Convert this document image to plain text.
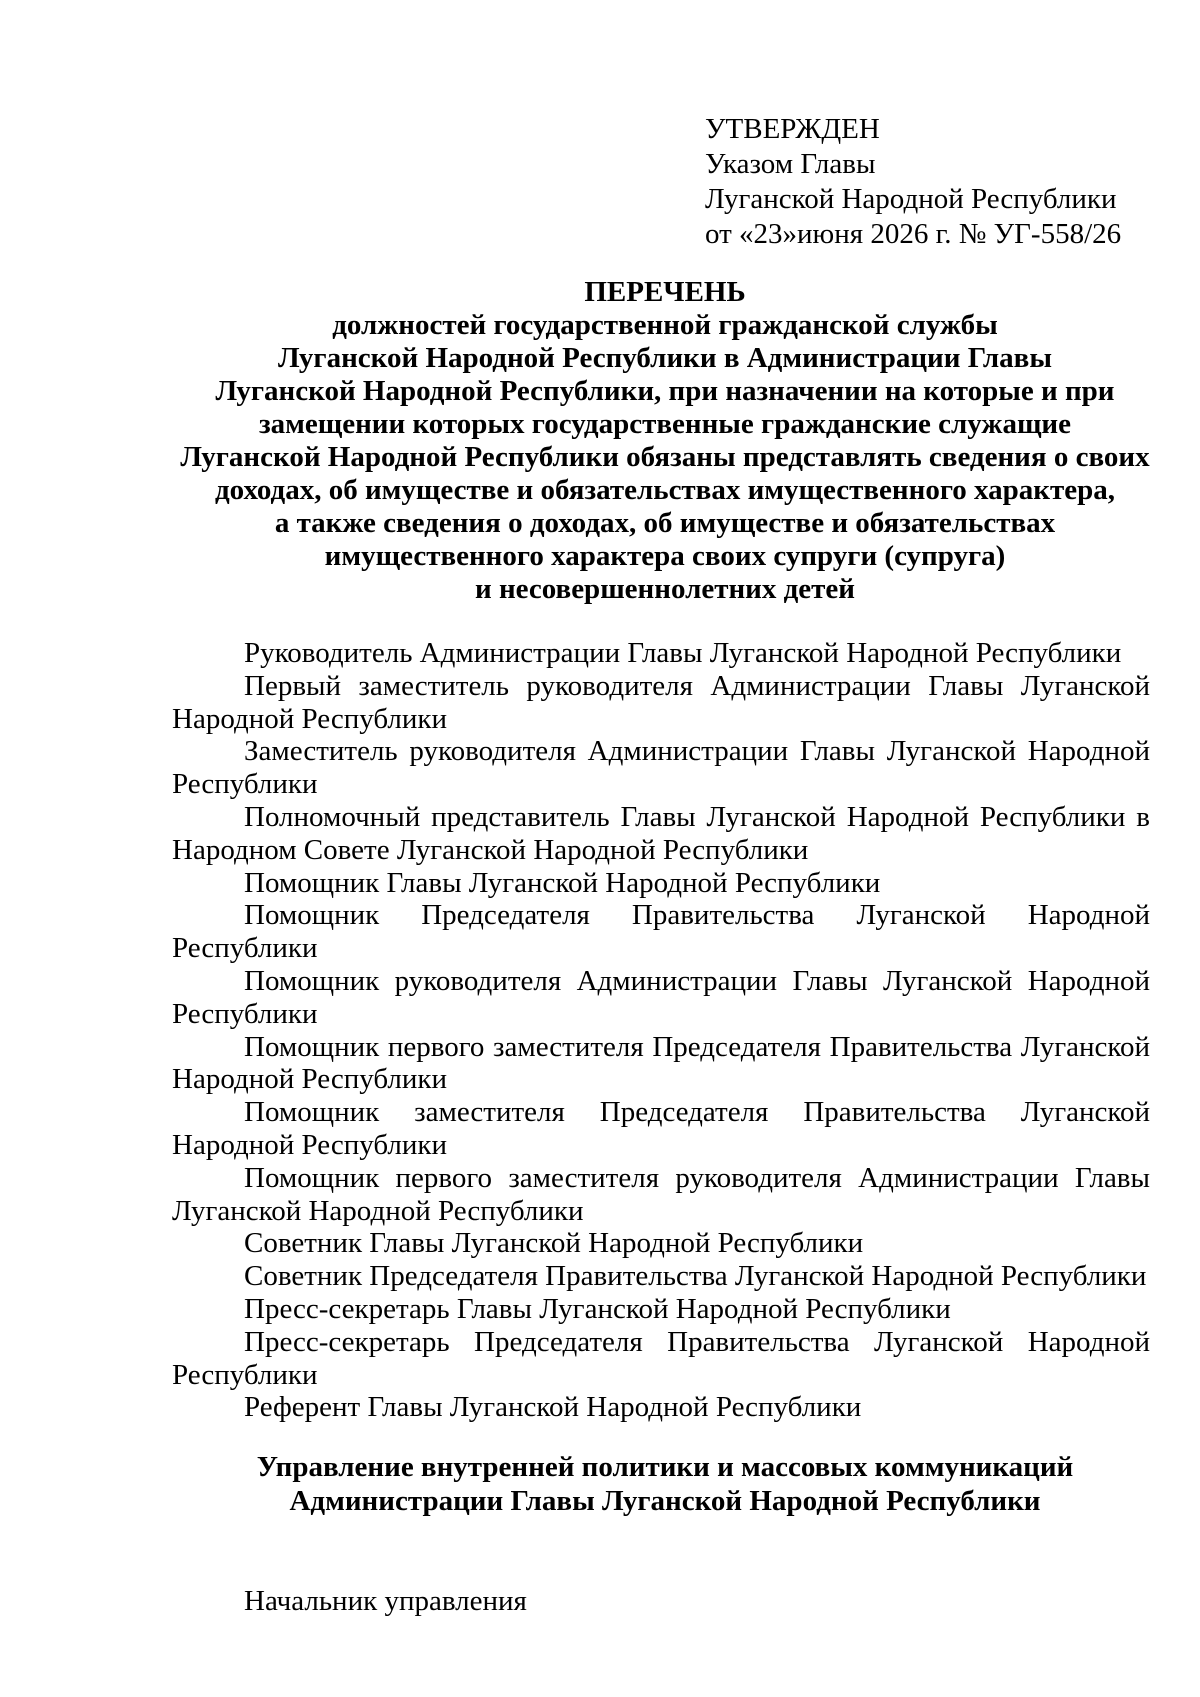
УТВЕРЖДЕН
Указом Главы
Луганской Народной Республики
от «23»июня 2026 г. № УГ-558/26
ПЕРЕЧЕНЬ
должностей государственной гражданской службы
Луганской Народной Республики в Администрации Главы
Луганской Народной Республики, при назначении на которые и при
замещении которых государственные гражданские служащие
Луганской Народной Республики обязаны представлять сведения о своих
доходах, об имуществе и обязательствах имущественного характера,
а также сведения о доходах, об имуществе и обязательствах
имущественного характера своих супруги (супруга)
и несовершеннолетних детей

Руководитель Администрации Главы Луганской Народной Республики

Первый заместитель руководителя Администрации Главы Луганской Народной Республики

Заместитель руководителя Администрации Главы Луганской Народной Республики

Полномочный представитель Главы Луганской Народной Республики в Народном Совете Луганской Народной Республики

Помощник Главы Луганской Народной Республики

Помощник Председателя Правительства Луганской Народной Республики

Помощник руководителя Администрации Главы Луганской Народной Республики

Помощник первого заместителя Председателя Правительства Луганской Народной Республики

Помощник заместителя Председателя Правительства Луганской Народной Республики

Помощник первого заместителя руководителя Администрации Главы Луганской Народной Республики

Советник Главы Луганской Народной Республики

Советник Председателя Правительства Луганской Народной Республики

Пресс-секретарь Главы Луганской Народной Республики

Пресс-секретарь Председателя Правительства Луганской Народной Республики

Референт Главы Луганской Народной Республики

Управление внутренней политики и массовых коммуникаций
Администрации Главы Луганской Народной Республики

Начальник управления
